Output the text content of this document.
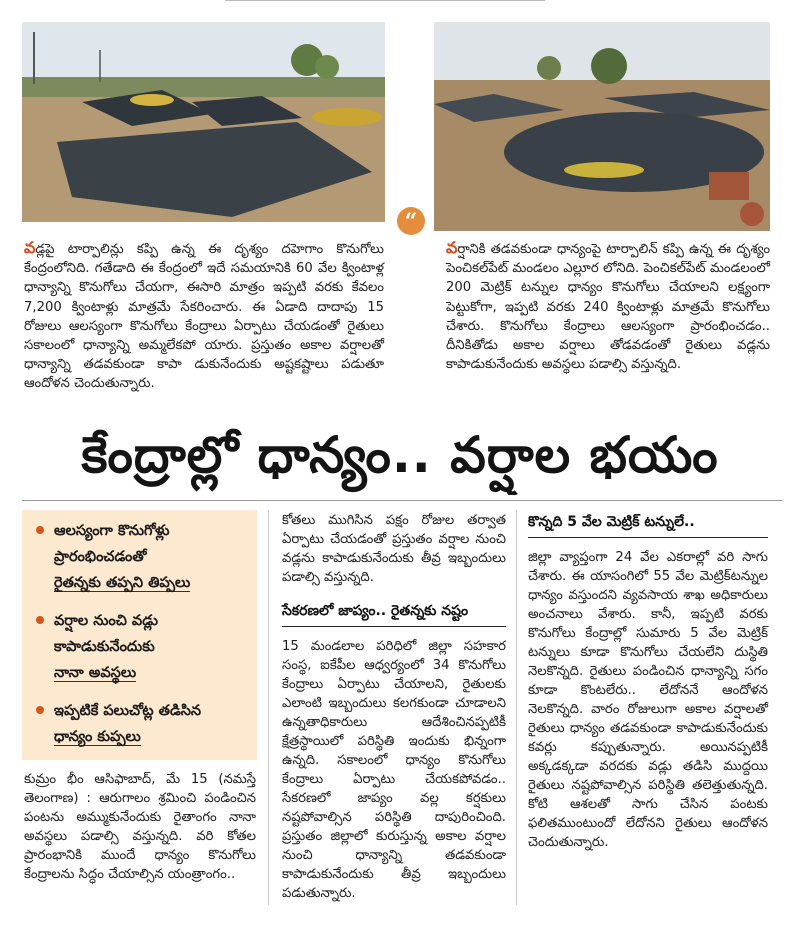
“
వడ్లపై టార్పాలిన్లు కప్పి ఉన్న ఈ దృశ్యం దహెగాం కొనుగోలు కేంద్రంలోనిది. గతేడాది ఈ కేంద్రంలో ఇదే సమయానికి 60 వేల క్వింటాళ్ల ధాన్యాన్ని కొనుగోలు చేయగా, ఈసారి మాత్రం ఇప్పటి వరకు కేవలం 7,200 క్వింటాళ్లు మాత్రమే సేకరించారు. ఈ ఏడాది దాదాపు 15 రోజులు ఆలస్యంగా కొనుగోలు కేంద్రాలు ఏర్పాటు చేయడంతో రైతులు సకాలంలో ధాన్యాన్ని అమ్మలేకపో యారు. ప్రస్తుతం అకాల వర్షాలతో ధాన్యాన్ని తడవకుండా కాపా డుకునేందుకు అష్టకష్టాలు పడుతూ ఆందోళన చెందుతున్నారు.
వర్షానికి తడవకుండా ధాన్యంపై టార్పాలిన్ కప్పి ఉన్న ఈ దృశ్యం పెంచికల్‌పేట్ మండలం ఎల్లూర లోనిది. పెంచికల్‌పేట్ మండలంలో 200 మెట్రిక్ టన్నుల ధాన్యం కొనుగోలు చేయాలని లక్ష్యంగా పెట్టుకోగా, ఇప్పటి వరకు 240 క్వింటాళ్లు మాత్రమే కొనుగోలు చేశారు. కొనుగోలు కేంద్రాలు ఆలస్యంగా ప్రారంభించడం.. దీనికితోడు అకాల వర్షాలు తోడవడంతో రైతులు వడ్లను కాపాడుకునేందుకు అవస్థలు పడాల్సి వస్తున్నది.
కేంద్రాల్లో ధాన్యం.. వర్షాల భయం
ఆలస్యంగా కొనుగోళ్లు
ప్రారంభించడంతో
రైతన్నకు తప్పని తిప్పలు
వర్షాల నుంచి వడ్లు
కాపాడుకునేందుకు
నానా అవస్థలు
ఇప్పటికే పలుచోట్ల తడిసిన
ధాన్యం కుప్పలు
కుమ్రం భీం ఆసిఫాబాద్, మే 15 (నమస్తే తెలంగాణ) : ఆరుగాలం శ్రమించి పండించిన పంటను అమ్ముకునేందుకు రైతాంగం నానా అవస్థలు పడాల్సి వస్తున్నది. వరి కోతల ప్రారంభానికి ముందే ధాన్యం కొనుగోలు కేంద్రాలను సిద్ధం చేయాల్సిన యంత్రాంగం..
కోతలు ముగిసిన పక్షం రోజుల తర్వాత ఏర్పాటు చేయడంతో ప్రస్తుతం వర్షాల నుంచి వడ్లను కాపాడుకునేందుకు తీవ్ర ఇబ్బందులు పడాల్సి వస్తున్నది.
సేకరణలో జాప్యం.. రైతన్నకు నష్టం
15 మండలాల పరిధిలో జిల్లా సహకార సంస్థ, ఐకేపీల ఆధ్వర్యంలో 34 కొనుగోలు కేంద్రాలు ఏర్పాటు చేయాలని, రైతులకు ఎలాంటి ఇబ్బందులు కలగకుండా చూడాలని ఉన్నతాధికారులు ఆదేశించినప్పటికీ క్షేత్రస్థాయిలో పరిస్థితి ఇందుకు భిన్నంగా ఉన్నది. సకాలంలో ధాన్యం కొనుగోలు కేంద్రాలు ఏర్పాటు చేయకపోవడం.. సేకరణలో జాప్యం వల్ల కర్షకులు నష్టపోవాల్సిన పరిస్థితి దాపురించింది. ప్రస్తుతం జిల్లాలో కురుస్తున్న అకాల వర్షాల నుంచి ధాన్యాన్ని తడవకుండా కాపాడుకునేందుకు తీవ్ర ఇబ్బందులు పడుతున్నారు.
కొన్నది 5 వేల మెట్రిక్ టన్నులే..
జిల్లా వ్యాప్తంగా 24 వేల ఎకరాల్లో వరి సాగు చేశారు. ఈ యాసంగిలో 55 వేల మెట్రిక్‌టన్నుల ధాన్యం వస్తుందని వ్యవసాయ శాఖ అధికారులు అంచనాలు వేశారు. కానీ, ఇప్పటి వరకు కొనుగోలు కేంద్రాల్లో సుమారు 5 వేల మెట్రిక్ టన్నులు కూడా కొనుగోలు చేయలేని దుస్థితి నెలకొన్నది. రైతులు పండించిన ధాన్యాన్ని సగం కూడా కొంటలేరు.. లేదోననే ఆందోళన నెలకొన్నది. వారం రోజులుగా అకాల వర్షాలతో రైతులు ధాన్యం తడవకుండా కాపాడుకునేందుకు కవర్లు కప్పుతున్నారు. అయినప్పటికీ అక్కడక్కడా వరదకు వడ్లు తడిసి ముద్దయి రైతులు నష్టపోవాల్సిన పరిస్థితి తలెత్తుతున్నది. కోటి ఆశలతో సాగు చేసిన పంటకు ఫలితముంటుందో లేదోనని రైతులు ఆందోళన చెందుతున్నారు.
